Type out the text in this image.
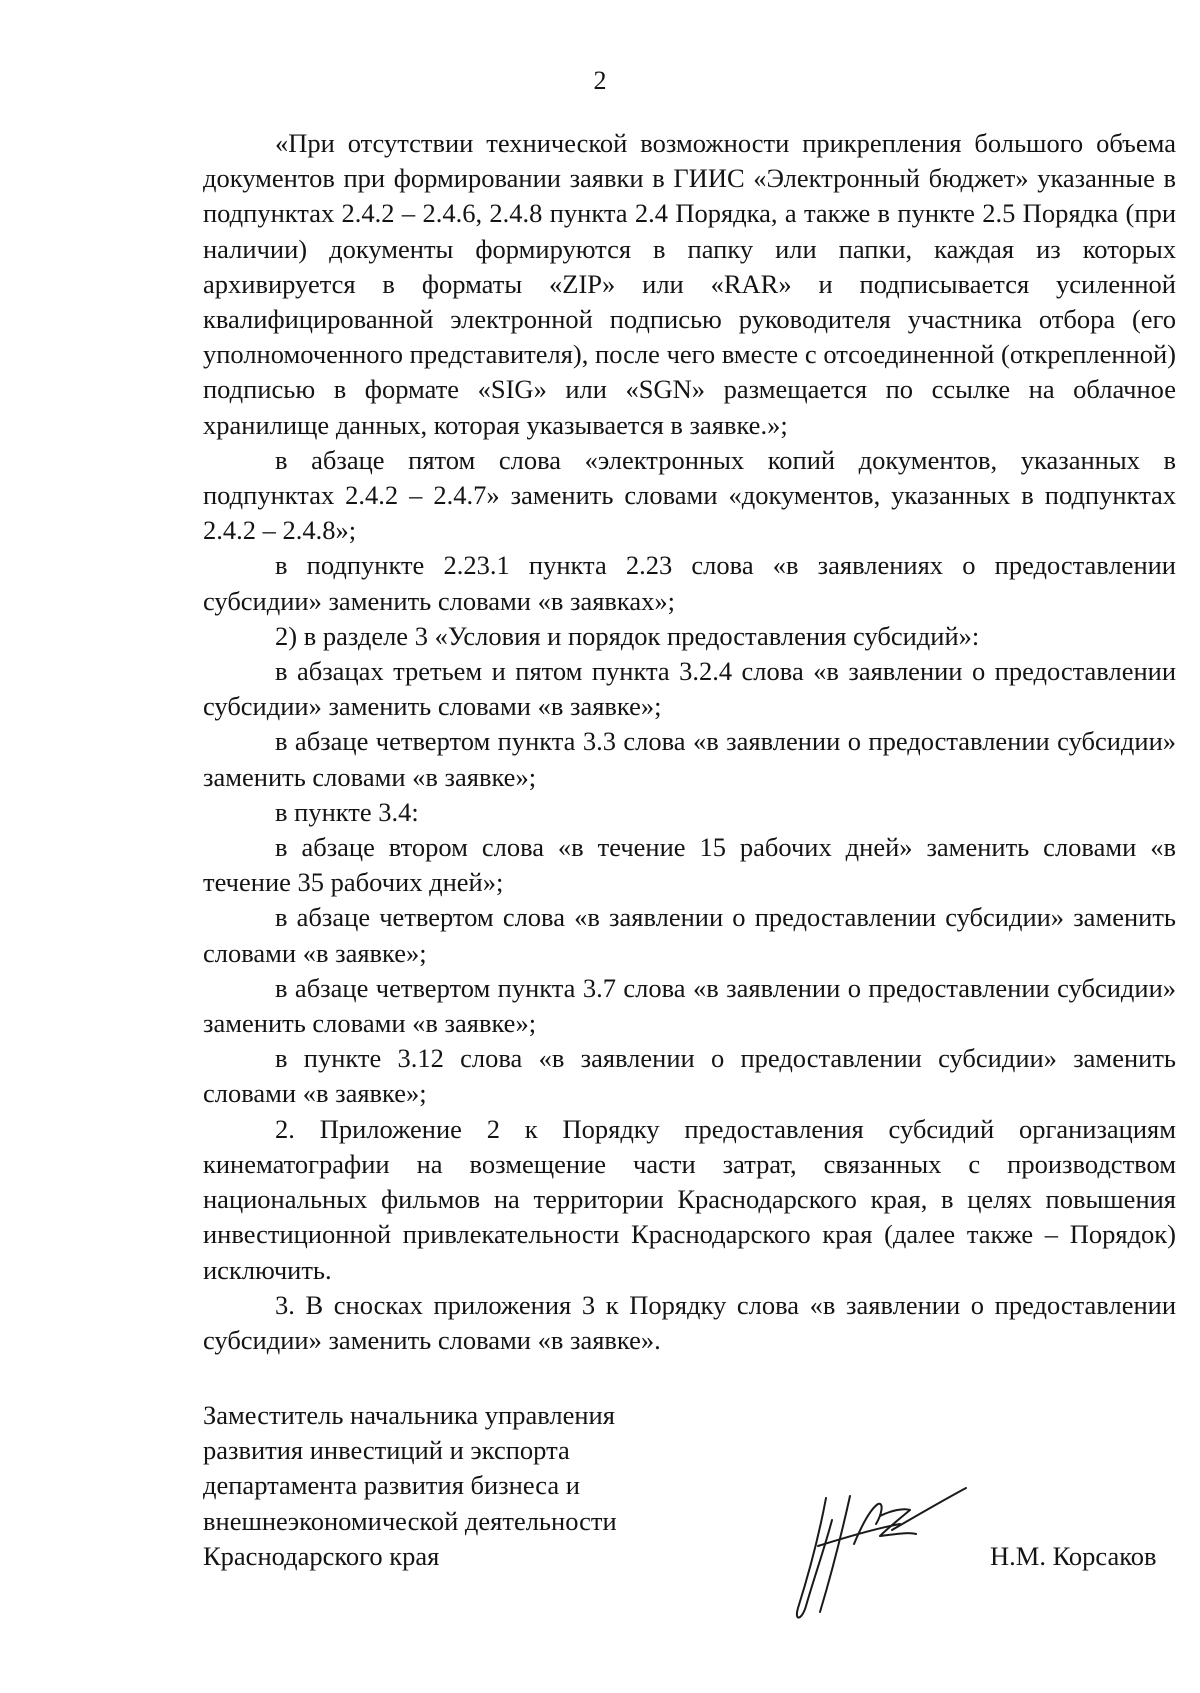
2

«При отсутствии технической возможности прикрепления большого объема документов при формировании заявки в ГИИС «Электронный бюджет» указанные в подпунктах 2.4.2 – 2.4.6, 2.4.8 пункта 2.4 Порядка, а также в пункте 2.5 Порядка (при наличии) документы формируются в папку или папки, каждая из которых архивируется в форматы «ZIP» или «RAR» и подписывается усиленной квалифицированной электронной подписью руководителя участника отбора (его уполномоченного представителя), после чего вместе с отсоединенной (открепленной) подписью в формате «SIG» или «SGN» размещается по ссылке на облачное хранилище данных, которая указывается в заявке.»;

в абзаце пятом слова «электронных копий документов, указанных в подпунктах 2.4.2 – 2.4.7» заменить словами «документов, указанных в подпунктах 2.4.2 – 2.4.8»;

в подпункте 2.23.1 пункта 2.23 слова «в заявлениях о предоставлении субсидии» заменить словами «в заявках»;

2) в разделе 3 «Условия и порядок предоставления субсидий»:

в абзацах третьем и пятом пункта 3.2.4 слова «в заявлении о предоставлении субсидии» заменить словами «в заявке»;

в абзаце четвертом пункта 3.3 слова «в заявлении о предоставлении субсидии» заменить словами «в заявке»;

в пункте 3.4:

в абзаце втором слова «в течение 15 рабочих дней» заменить словами «в течение 35 рабочих дней»;

в абзаце четвертом слова «в заявлении о предоставлении субсидии» заменить словами «в заявке»;

в абзаце четвертом пункта 3.7 слова «в заявлении о предоставлении субсидии» заменить словами «в заявке»;

в пункте 3.12 слова «в заявлении о предоставлении субсидии» заменить словами «в заявке»;

2. Приложение 2 к Порядку предоставления субсидий организациям кинематографии на возмещение части затрат, связанных с производством национальных фильмов на территории Краснодарского края, в целях повышения инвестиционной привлекательности Краснодарского края (далее также – Порядок) исключить.

3. В сносках приложения 3 к Порядку слова «в заявлении о предоставлении субсидии» заменить словами «в заявке».

Заместитель начальника управления
развития инвестиций и экспорта
департамента развития бизнеса и
внешнеэкономической деятельности
Краснодарского края	Н.М. Корсаков
